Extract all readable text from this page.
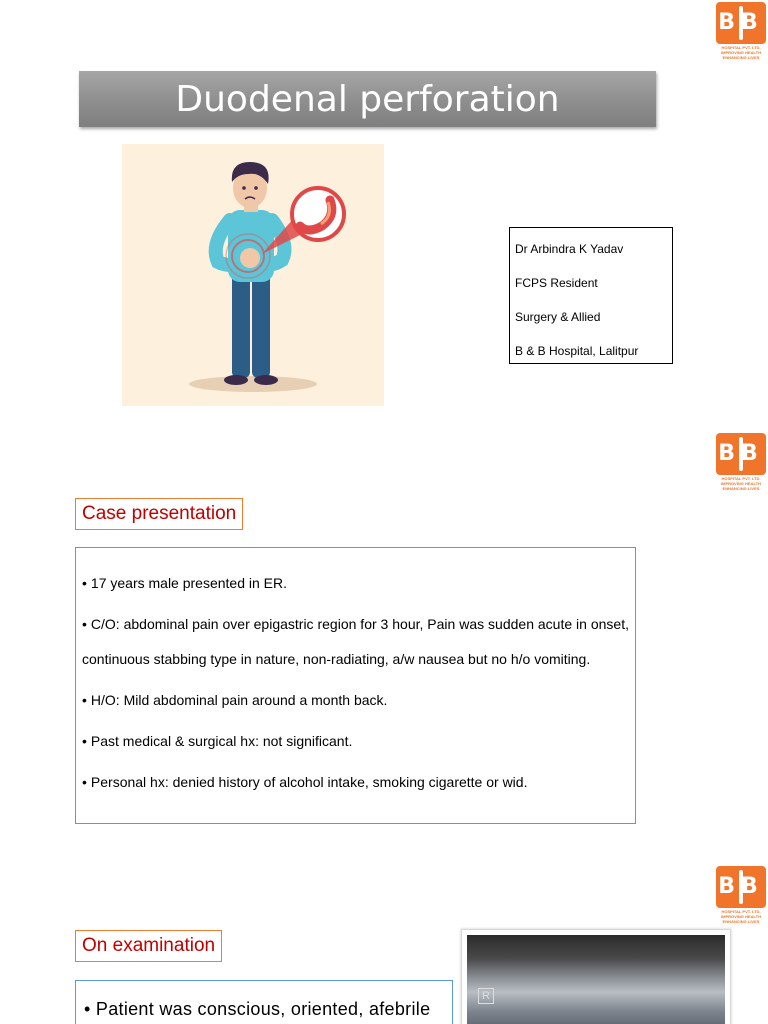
BB
HOSPITAL PVT. LTD.
IMPROVING HEALTH ENHANCING LIVES
BB
HOSPITAL PVT. LTD.
IMPROVING HEALTH ENHANCING LIVES
BB
HOSPITAL PVT. LTD.
IMPROVING HEALTH ENHANCING LIVES
Duodenal perforation
Dr Arbindra K Yadav
FCPS Resident
Surgery & Allied
B & B Hospital, Lalitpur
Case presentation
• 17 years male presented in ER.
• C/O: abdominal pain over epigastric region for 3 hour, Pain was sudden acute in onset, continuous stabbing type in nature, non-radiating, a/w nausea but no h/o vomiting.
• H/O: Mild abdominal pain around a month back.
• Past medical & surgical hx: not significant.
• Personal hx: denied history of alcohol intake, smoking cigarette or wid.
On examination
• Patient was conscious, oriented, afebrile
R
